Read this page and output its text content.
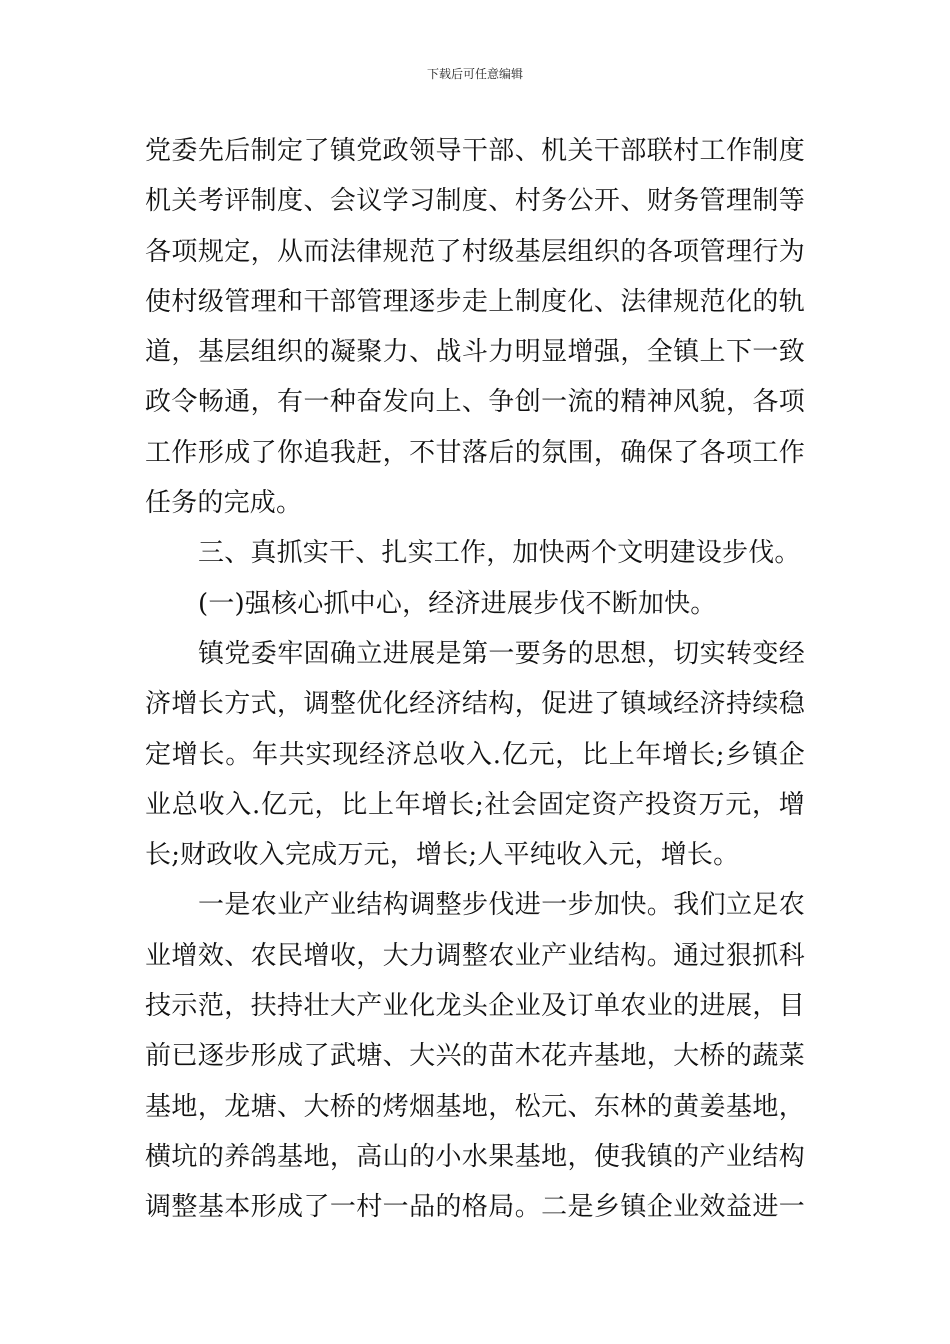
下载后可任意编辑
党委先后制定了镇党政领导干部、机关干部联村工作制度
机关考评制度、会议学习制度、村务公开、财务管理制等
各项规定，从而法律规范了村级基层组织的各项管理行为
使村级管理和干部管理逐步走上制度化、法律规范化的轨
道，基层组织的凝聚力、战斗力明显增强，全镇上下一致
政令畅通，有一种奋发向上、争创一流的精神风貌，各项
工作形成了你追我赶，不甘落后的氛围，确保了各项工作
任务的完成。
三、真抓实干、扎实工作，加快两个文明建设步伐。
(一)强核心抓中心，经济进展步伐不断加快。
镇党委牢固确立进展是第一要务的思想，切实转变经
济增长方式，调整优化经济结构，促进了镇域经济持续稳
定增长。年共实现经济总收入.亿元，比上年增长;乡镇企
业总收入.亿元，比上年增长;社会固定资产投资万元，增
长;财政收入完成万元，增长;人平纯收入元，增长。
一是农业产业结构调整步伐进一步加快。我们立足农
业增效、农民增收，大力调整农业产业结构。通过狠抓科
技示范，扶持壮大产业化龙头企业及订单农业的进展，目
前已逐步形成了武塘、大兴的苗木花卉基地，大桥的蔬菜
基地，龙塘、大桥的烤烟基地，松元、东林的黄姜基地，
横坑的养鸽基地，高山的小水果基地，使我镇的产业结构
调整基本形成了一村一品的格局。二是乡镇企业效益进一
